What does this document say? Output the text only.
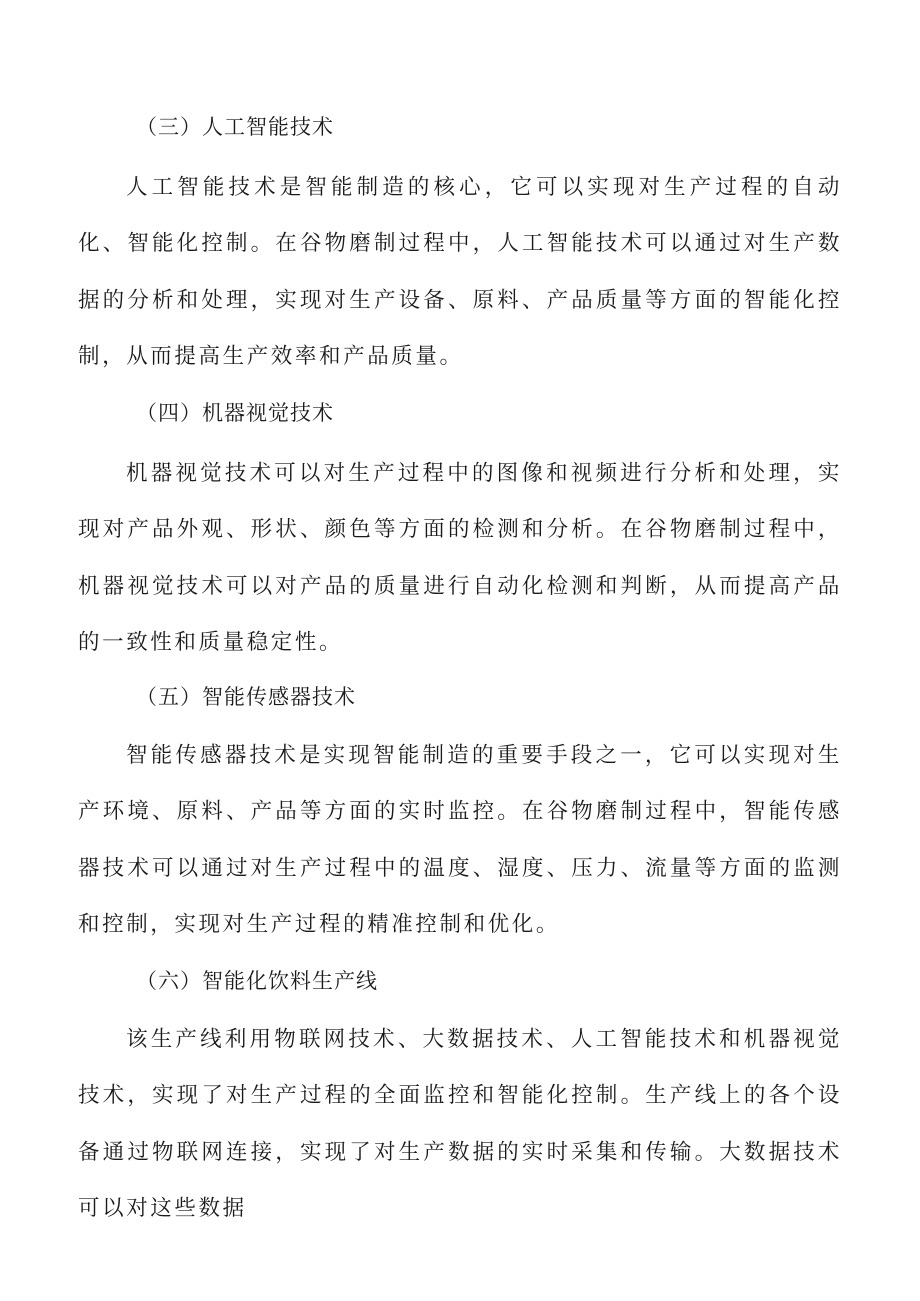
（三）人工智能技术
人工智能技术是智能制造的核心，它可以实现对生产过程的自动化、智能化控制。在谷物磨制过程中，人工智能技术可以通过对生产数据的分析和处理，实现对生产设备、原料、产品质量等方面的智能化控制，从而提高生产效率和产品质量。
（四）机器视觉技术
机器视觉技术可以对生产过程中的图像和视频进行分析和处理，实现对产品外观、形状、颜色等方面的检测和分析。在谷物磨制过程中，机器视觉技术可以对产品的质量进行自动化检测和判断，从而提高产品的一致性和质量稳定性。
（五）智能传感器技术
智能传感器技术是实现智能制造的重要手段之一，它可以实现对生产环境、原料、产品等方面的实时监控。在谷物磨制过程中，智能传感器技术可以通过对生产过程中的温度、湿度、压力、流量等方面的监测和控制，实现对生产过程的精准控制和优化。
（六）智能化饮料生产线
该生产线利用物联网技术、大数据技术、人工智能技术和机器视觉技术，实现了对生产过程的全面监控和智能化控制。生产线上的各个设备通过物联网连接，实现了对生产数据的实时采集和传输。大数据技术可以对这些数据
